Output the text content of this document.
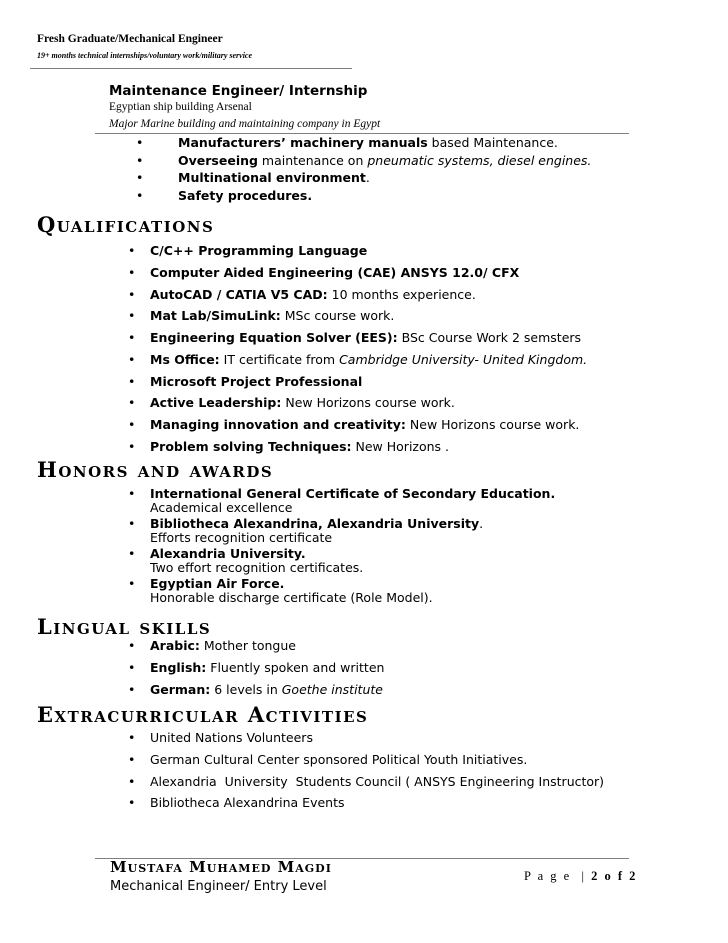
Fresh Graduate/Mechanical Engineer
19+ months technical internships/voluntary work/military service
Maintenance Engineer/ Internship
Egyptian ship building Arsenal
Major Marine building and maintaining company in Egypt
•	Manufacturers’ machinery manuals based Maintenance.
•	Overseeing maintenance on pneumatic systems, diesel engines.
•	Multinational environment.
•	Safety procedures.
Qualifications
• C/C++ Programming Language
• Computer Aided Engineering (CAE) ANSYS 12.0/ CFX
• AutoCAD / CATIA V5 CAD: 10 months experience.
• Mat Lab/SimuLink: MSc course work.
• Engineering Equation Solver (EES): BSc Course Work 2 semsters
• Ms Office: IT certificate from Cambridge University- United Kingdom.
• Microsoft Project Professional
• Active Leadership: New Horizons course work.
• Managing innovation and creativity: New Horizons course work.
• Problem solving Techniques: New Horizons .
Honors and awards
• International General Certificate of Secondary Education.
Academical excellence
• Bibliotheca Alexandrina, Alexandria University.
Efforts recognition certificate
• Alexandria University.
Two effort recognition certificates.
• Egyptian Air Force.
Honorable discharge certificate (Role Model).
Lingual skills
• Arabic: Mother tongue
• English: Fluently spoken and written
• German: 6 levels in Goethe institute
Extracurricular Activities
• United Nations Volunteers
• German Cultural Center sponsored Political Youth Initiatives.
• Alexandria  University  Students Council ( ANSYS Engineering Instructor)
• Bibliotheca Alexandrina Events
Mustafa Muhamed Magdi
Mechanical Engineer/ Entry Level
P a g e  | 2 o f 2
